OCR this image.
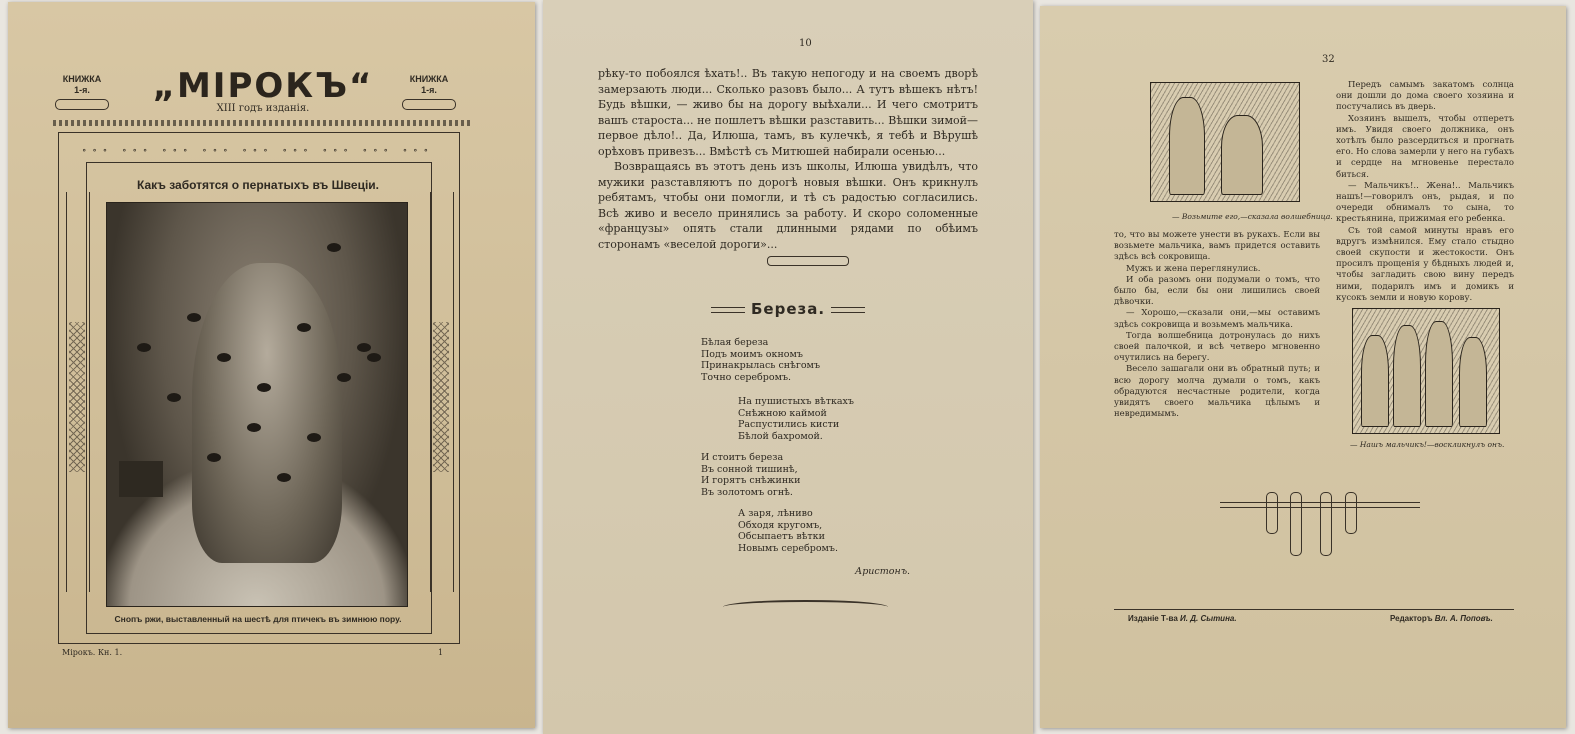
КНИЖКА
1-я.	„МІРОКЪ“	КНИЖКА
1-я.
XIII годъ изданія.
∘∘∘ ∘∘∘ ∘∘∘ ∘∘∘ ∘∘∘ ∘∘∘ ∘∘∘ ∘∘∘ ∘∘∘
Какъ заботятся о пернатыхъ въ Швеціи.
Снопъ ржи, выставленный на шестѣ для птичекъ въ зимнюю пору.
Мірокъ. Кн. 1.	1
10

рѣку-то побоялся ѣхать!.. Въ такую непогоду и на своемъ дворѣ замерзають люди... Сколько разовъ было... А тутъ вѣшекъ нѣтъ! Будь вѣшки, — живо бы на дорогу выѣхали... И чего смотритъ вашъ староста... не пошлетъ вѣшки разставить... Вѣшки зимой— первое дѣло!.. Да, Илюша, тамъ, въ кулечкѣ, я тебѣ и Вѣрушѣ орѣховъ привезъ... Вмѣстѣ съ Митюшей набирали осенью...

Возвращаясь въ этотъ день изъ школы, Илюша увидѣлъ, что мужики разставляютъ по дорогѣ новыя вѣшки. Онъ крикнулъ ребятамъ, чтобы они помогли, и тѣ съ радостью согласились. Всѣ живо и весело принялись за работу. И скоро соломенные «французы» опять стали длинными рядами по обѣимъ сторонамъ «веселой дороги»...

Береза.
Бѣлая береза
Подъ моимъ окномъ
Принакрылась снѣгомъ
Точно серебромъ.
На пушистыхъ вѣткахъ
Снѣжною каймой
Распустились кисти
Бѣлой бахромой.
И стоитъ береза
Въ сонной тишинѣ,
И горятъ снѣжинки
Въ золотомъ огнѣ.
А заря, лѣниво
Обходя кругомъ,
Обсыпаетъ вѣтки
Новымъ серебромъ.
Аристонъ.
32
— Возьмите его,—сказала волшебница.

то, что вы можете унести въ рукахъ. Если вы возьмете мальчика, вамъ придется оставить здѣсь всѣ сокровища.

Мужъ и жена переглянулись.

И оба разомъ они подумали о томъ, что было бы, если бы они лишились своей дѣвочки.

— Хорошо,—сказали они,—мы оставимъ здѣсь сокровища и возьмемъ мальчика.

Тогда волшебница дотронулась до нихъ своей палочкой, и всѣ четверо мгновенно очутились на берегу.

Весело зашагали они въ обратный путь; и всю дорогу молча думали о томъ, какъ обрадуются несчастные родители, когда увидятъ своего мальчика цѣлымъ и невредимымъ.

Передъ самымъ закатомъ солнца они дошли до дома своего хозяина и постучались въ дверь.

Хозяинъ вышелъ, чтобы отперетъ имъ. Увидя своего должника, онъ хотѣлъ было разсердиться и прогнать его. Но слова замерли у него на губахъ и сердце на мгновенье перестало биться.

— Мальчикъ!.. Жена!.. Мальчикъ нашъ!—говорилъ онъ, рыдая, и по очереди обнималъ то сына, то крестьянина, прижимая его ребенка.

Съ той самой минуты нравъ его вдругъ измѣнился. Ему стало стыдно своей скупости и жестокости. Онъ просилъ прощенія у бѣдныхъ людей и, чтобы загладить свою вину передъ ними, подарилъ имъ и домикъ и кусокъ земли и новую корову.

— Нашъ мальчикъ!—воскликнулъ онъ.
Изданіе Т-ва И. Д. Сытина.	Редакторъ Вл. А. Поповъ.
